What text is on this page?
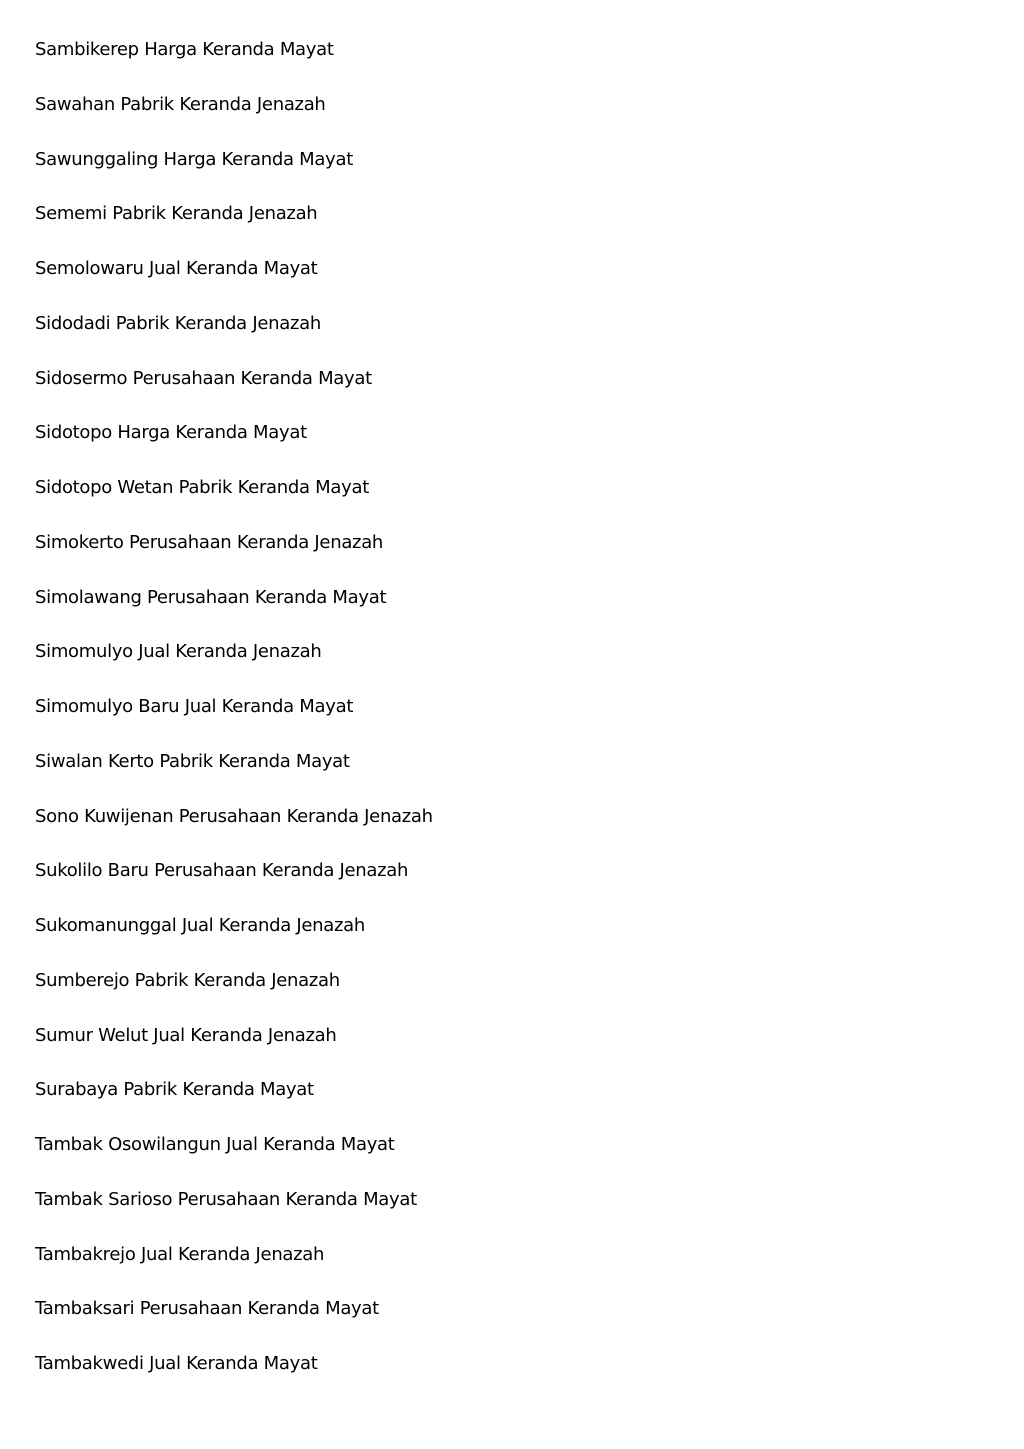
Sambikerep Harga Keranda Mayat
Sawahan Pabrik Keranda Jenazah
Sawunggaling Harga Keranda Mayat
Sememi Pabrik Keranda Jenazah
Semolowaru Jual Keranda Mayat
Sidodadi Pabrik Keranda Jenazah
Sidosermo Perusahaan Keranda Mayat
Sidotopo Harga Keranda Mayat
Sidotopo Wetan Pabrik Keranda Mayat
Simokerto Perusahaan Keranda Jenazah
Simolawang Perusahaan Keranda Mayat
Simomulyo Jual Keranda Jenazah
Simomulyo Baru Jual Keranda Mayat
Siwalan Kerto Pabrik Keranda Mayat
Sono Kuwijenan Perusahaan Keranda Jenazah
Sukolilo Baru Perusahaan Keranda Jenazah
Sukomanunggal Jual Keranda Jenazah
Sumberejo Pabrik Keranda Jenazah
Sumur Welut Jual Keranda Jenazah
Surabaya Pabrik Keranda Mayat
Tambak Osowilangun Jual Keranda Mayat
Tambak Sarioso Perusahaan Keranda Mayat
Tambakrejo Jual Keranda Jenazah
Tambaksari Perusahaan Keranda Mayat
Tambakwedi Jual Keranda Mayat
